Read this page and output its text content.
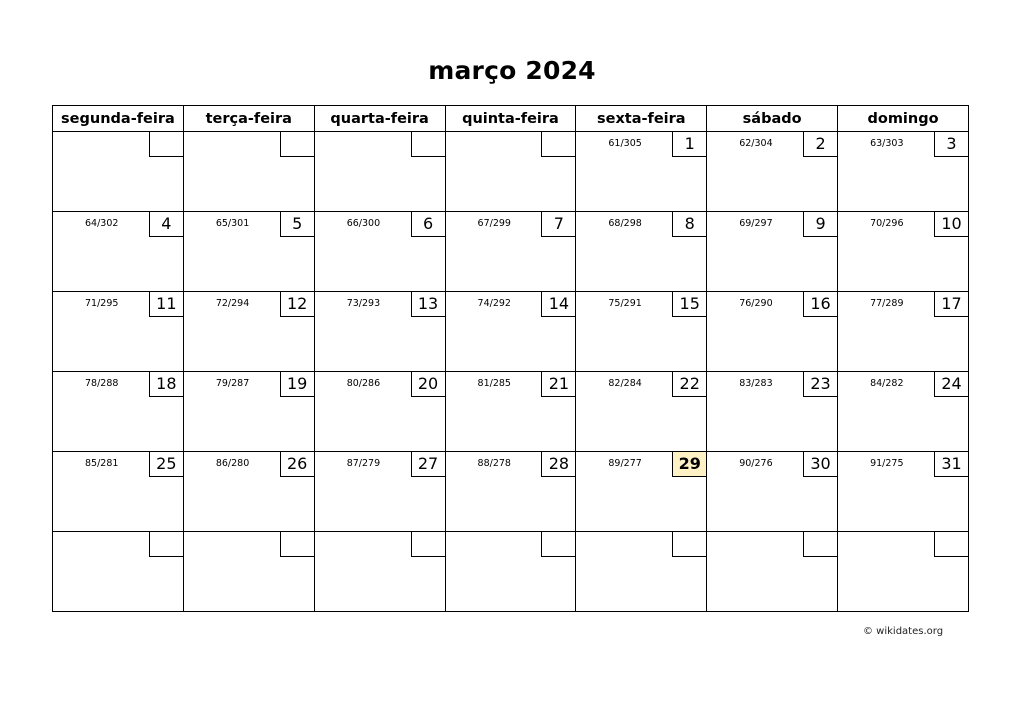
março 2024
segunda-feira	terça-feira	quarta-feira	quinta-feira	sexta-feira	sábado	domingo

				61/305 1	62/304 2	63/303 3

64/302 4	65/301 5	66/300 6	67/299 7	68/298 8	69/297 9	70/296 10

71/295 11	72/294 12	73/293 13	74/292 14	75/291 15	76/290 16	77/289 17

78/288 18	79/287 19	80/286 20	81/285 21	82/284 22	83/283 23	84/282 24

85/281 25	86/280 26	87/279 27	88/278 28	89/277 29	90/276 30	91/275 31

© wikidates.org
